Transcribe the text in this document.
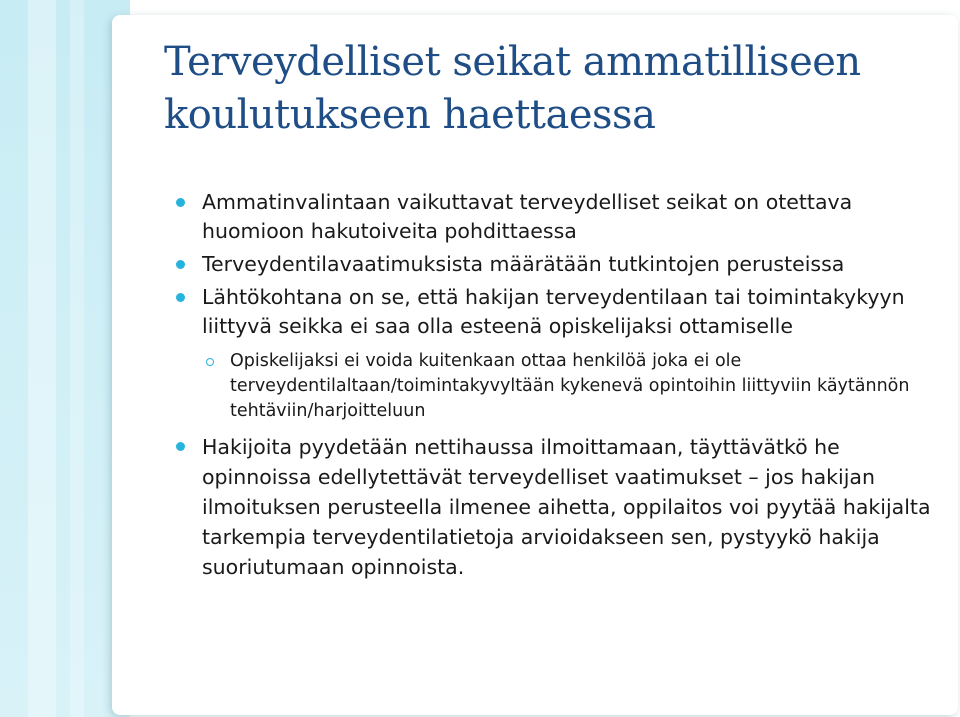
Terveydelliset seikat ammatilliseen koulutukseen haettaessa
Ammatinvalintaan vaikuttavat terveydelliset seikat on otettava huomioon hakutoiveita pohdittaessa
Terveydentilavaatimuksista määrätään tutkintojen perusteissa
Lähtökohtana on se, että hakijan terveydentilaan tai toimintakykyyn liittyvä seikka ei saa olla esteenä opiskelijaksi ottamiselle
Opiskelijaksi ei voida kuitenkaan ottaa henkilöä joka ei ole terveydentilaltaan/toimintakyvyltään kykenevä opintoihin liittyviin käytännön tehtäviin/harjoitteluun
Hakijoita pyydetään nettihaussa ilmoittamaan, täyttävätkö he opinnoissa edellytettävät terveydelliset vaatimukset – jos hakijan ilmoituksen perusteella ilmenee aihetta, oppilaitos voi pyytää hakijalta tarkempia terveydentilatietoja arvioidakseen sen, pystyykö hakija suoriutumaan opinnoista.
